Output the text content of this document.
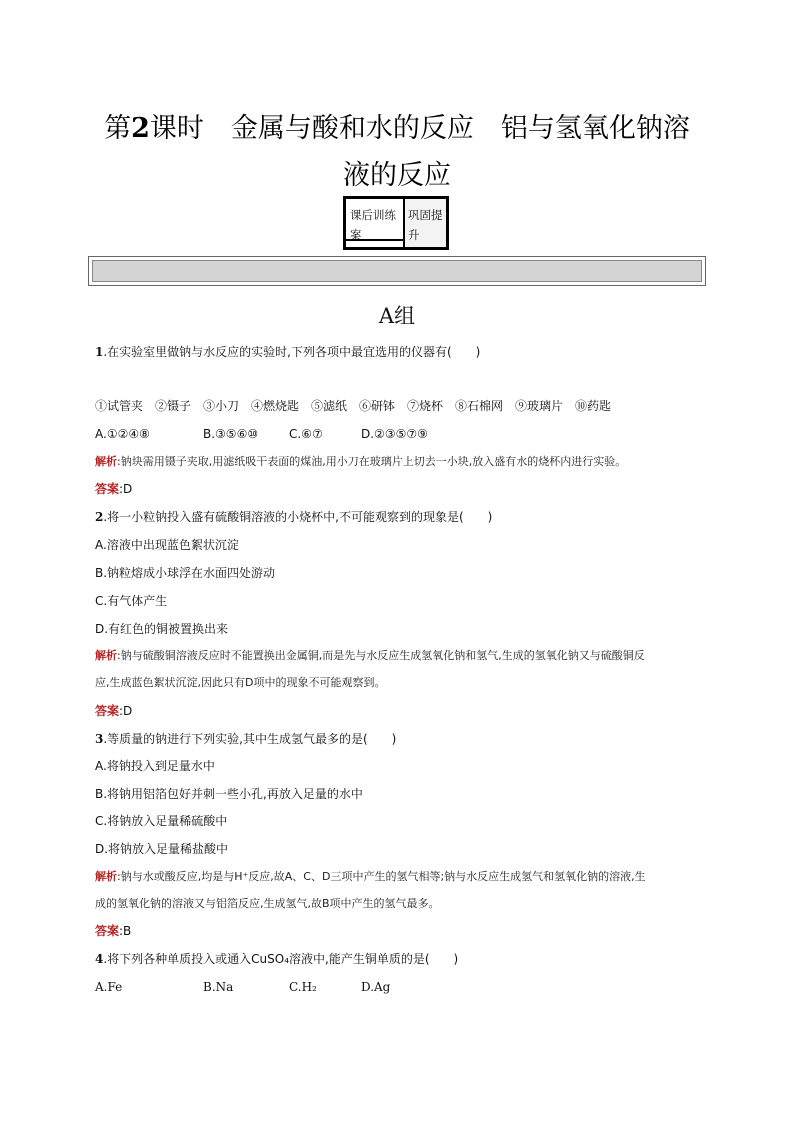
第2课时　金属与酸和水的反应　铝与氢氧化钠溶
液的反应
课后训练案
巩固提升
A组
1.在实验室里做钠与水反应的实验时,下列各项中最宜选用的仪器有(　　)
①试管夹　②镊子　③小刀　④燃烧匙　⑤滤纸　⑥研钵　⑦烧杯　⑧石棉网　⑨玻璃片　⑩药匙
A.①②④⑧	B.③⑤⑥⑩	C.⑥⑦	D.②③⑤⑦⑨
解析:钠块需用镊子夹取,用滤纸吸干表面的煤油,用小刀在玻璃片上切去一小块,放入盛有水的烧杯内进行实验。
答案:D
2.将一小粒钠投入盛有硫酸铜溶液的小烧杯中,不可能观察到的现象是(　　)
A.溶液中出现蓝色絮状沉淀
B.钠粒熔成小球浮在水面四处游动
C.有气体产生
D.有红色的铜被置换出来
解析:钠与硫酸铜溶液反应时不能置换出金属铜,而是先与水反应生成氢氧化钠和氢气,生成的氢氧化钠又与硫酸铜反
应,生成蓝色絮状沉淀,因此只有D项中的现象不可能观察到。
答案:D
3.等质量的钠进行下列实验,其中生成氢气最多的是(　　)
A.将钠投入到足量水中
B.将钠用铝箔包好并刺一些小孔,再放入足量的水中
C.将钠放入足量稀硫酸中
D.将钠放入足量稀盐酸中
解析:钠与水或酸反应,均是与H⁺反应,故A、C、D三项中产生的氢气相等;钠与水反应生成氢气和氢氧化钠的溶液,生
成的氢氧化钠的溶液又与铝箔反应,生成氢气,故B项中产生的氢气最多。
答案:B
4.将下列各种单质投入或通入CuSO₄溶液中,能产生铜单质的是(　　)
A.Fe	B.Na	C.H₂	D.Ag
